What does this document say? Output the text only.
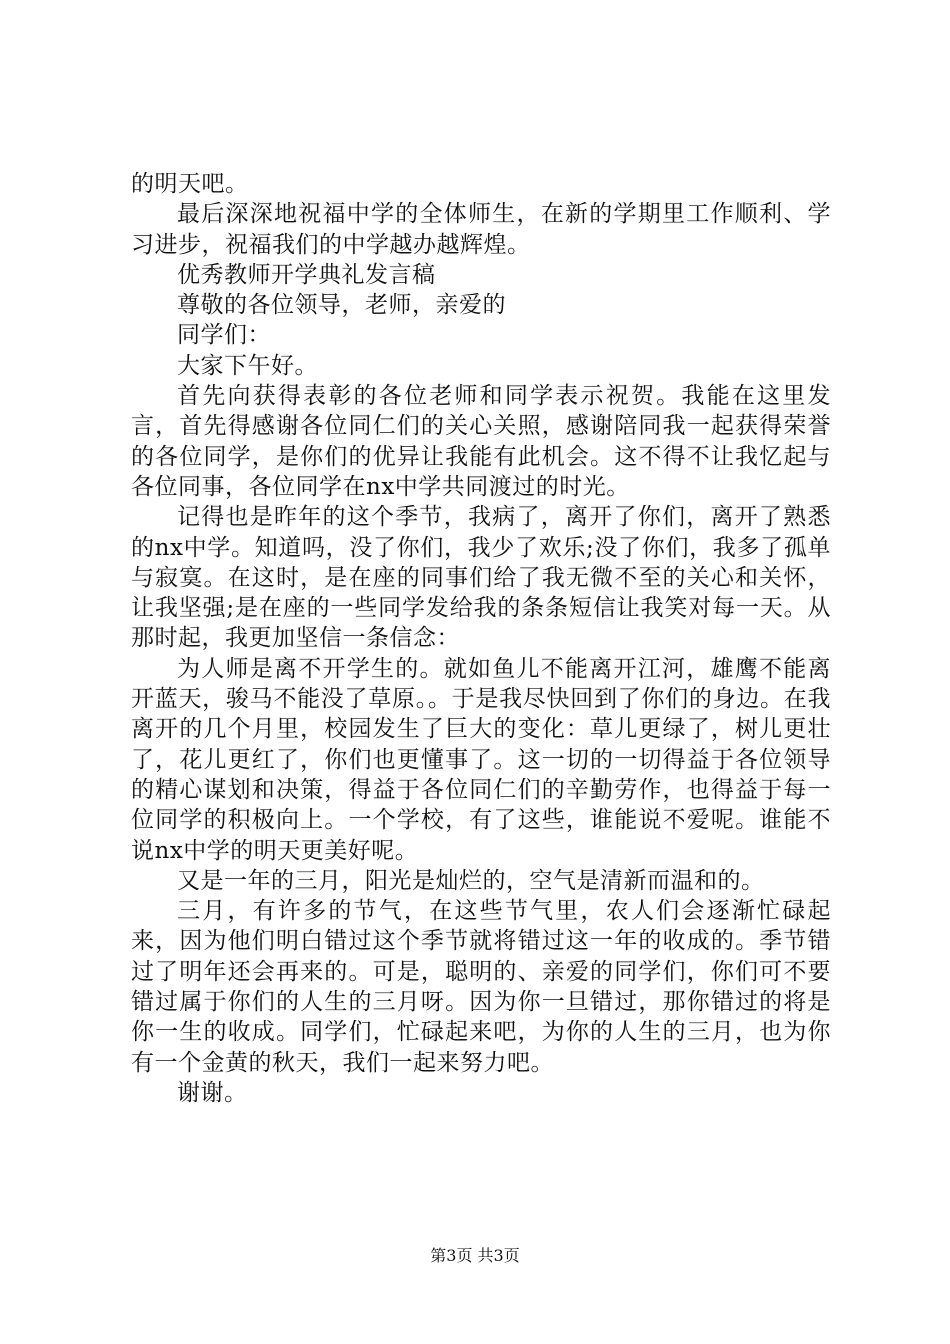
的明天吧。

最后深深地祝福中学的全体师生，在新的学期里工作顺利、学习进步，祝福我们的中学越办越辉煌。

优秀教师开学典礼发言稿

尊敬的各位领导，老师，亲爱的

同学们：

大家下午好。

首先向获得表彰的各位老师和同学表示祝贺。我能在这里发言，首先得感谢各位同仁们的关心关照，感谢陪同我一起获得荣誉的各位同学，是你们的优异让我能有此机会。这不得不让我忆起与各位同事，各位同学在nx中学共同渡过的时光。

记得也是昨年的这个季节，我病了，离开了你们，离开了熟悉的nx中学。知道吗，没了你们，我少了欢乐;没了你们，我多了孤单与寂寞。在这时，是在座的同事们给了我无微不至的关心和关怀，让我坚强;是在座的一些同学发给我的条条短信让我笑对每一天。从那时起，我更加坚信一条信念：

为人师是离不开学生的。就如鱼儿不能离开江河，雄鹰不能离开蓝天，骏马不能没了草原。。于是我尽快回到了你们的身边。在我离开的几个月里，校园发生了巨大的变化：草儿更绿了，树儿更壮了，花儿更红了，你们也更懂事了。这一切的一切得益于各位领导的精心谋划和决策，得益于各位同仁们的辛勤劳作，也得益于每一位同学的积极向上。一个学校，有了这些，谁能说不爱呢。谁能不说nx中学的明天更美好呢。

又是一年的三月，阳光是灿烂的，空气是清新而温和的。

三月，有许多的节气，在这些节气里，农人们会逐渐忙碌起来，因为他们明白错过这个季节就将错过这一年的收成的。季节错过了明年还会再来的。可是，聪明的、亲爱的同学们，你们可不要错过属于你们的人生的三月呀。因为你一旦错过，那你错过的将是你一生的收成。同学们，忙碌起来吧，为你的人生的三月，也为你有一个金黄的秋天，我们一起来努力吧。

谢谢。

第3页 共3页
